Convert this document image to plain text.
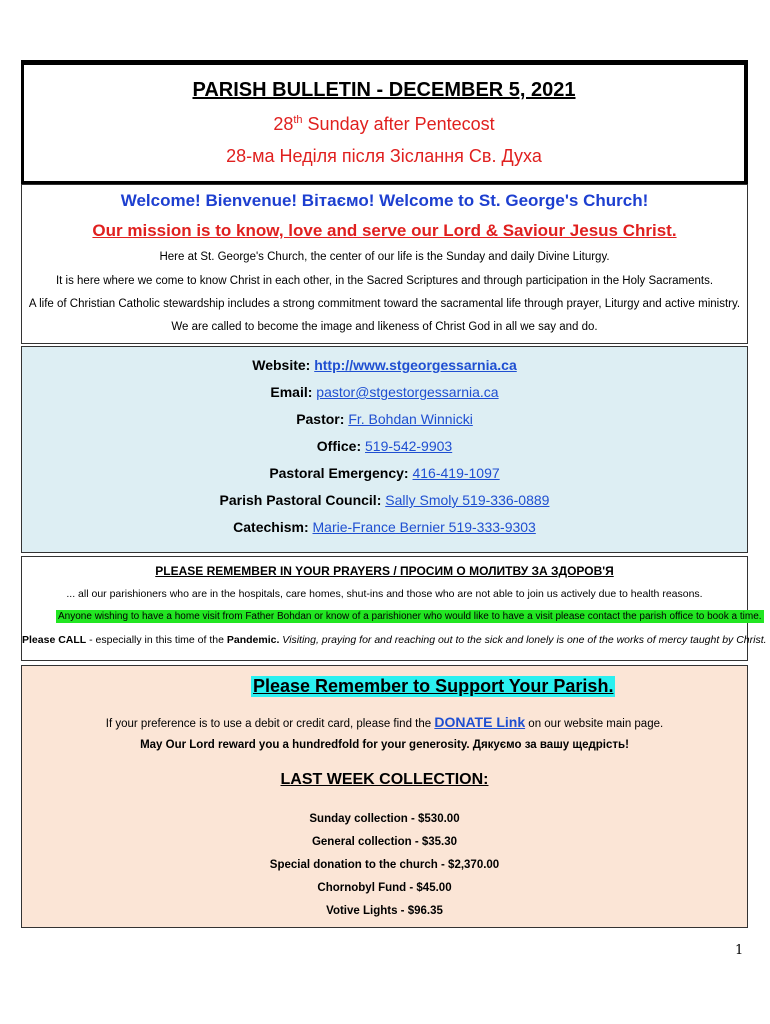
PARISH BULLETIN - DECEMBER 5, 2021
28th Sunday after Pentecost
28-ма Неділя після Зіслання Св. Духа
Welcome! Bienvenue! Вітаємо! Welcome to St. George's Church!
Our mission is to know, love and serve our Lord & Saviour Jesus Christ.
Here at St. George's Church, the center of our life is the Sunday and daily Divine Liturgy.
It is here where we come to know Christ in each other, in the Sacred Scriptures and through participation in the Holy Sacraments.
A life of Christian Catholic stewardship includes a strong commitment toward the sacramental life through prayer, Liturgy and active ministry.
We are called to become the image and likeness of Christ God in all we say and do.
Website: http://www.stgeorgessarnia.ca
Email: pastor@stgestorgessarnia.ca
Pastor: Fr. Bohdan Winnicki
Office: 519-542-9903
Pastoral Emergency: 416-419-1097
Parish Pastoral Council: Sally Smoly 519-336-0889
Catechism: Marie-France Bernier 519-333-9303
PLEASE REMEMBER IN YOUR PRAYERS / ПРОСИМ О МОЛИТВУ ЗА ЗДОРОВ'Я
... all our parishioners who are in the hospitals, care homes, shut-ins and those who are not able to join us actively due to health reasons.
Anyone wishing to have a home visit from Father Bohdan or know of a parishioner who would like to have a visit please contact the parish office to book a time.
Please CALL - especially in this time of the Pandemic. Visiting, praying for and reaching out to the sick and lonely is one of the works of mercy taught by Christ.
Please Remember to Support Your Parish.
If your preference is to use a debit or credit card, please find the DONATE Link on our website main page.
May Our Lord reward you a hundredfold for your generosity. Дякуємо за вашу щедрість!
LAST WEEK COLLECTION:
Sunday collection - $530.00
General collection - $35.30
Special donation to the church - $2,370.00
Chornobyl Fund - $45.00
Votive Lights - $96.35
1
